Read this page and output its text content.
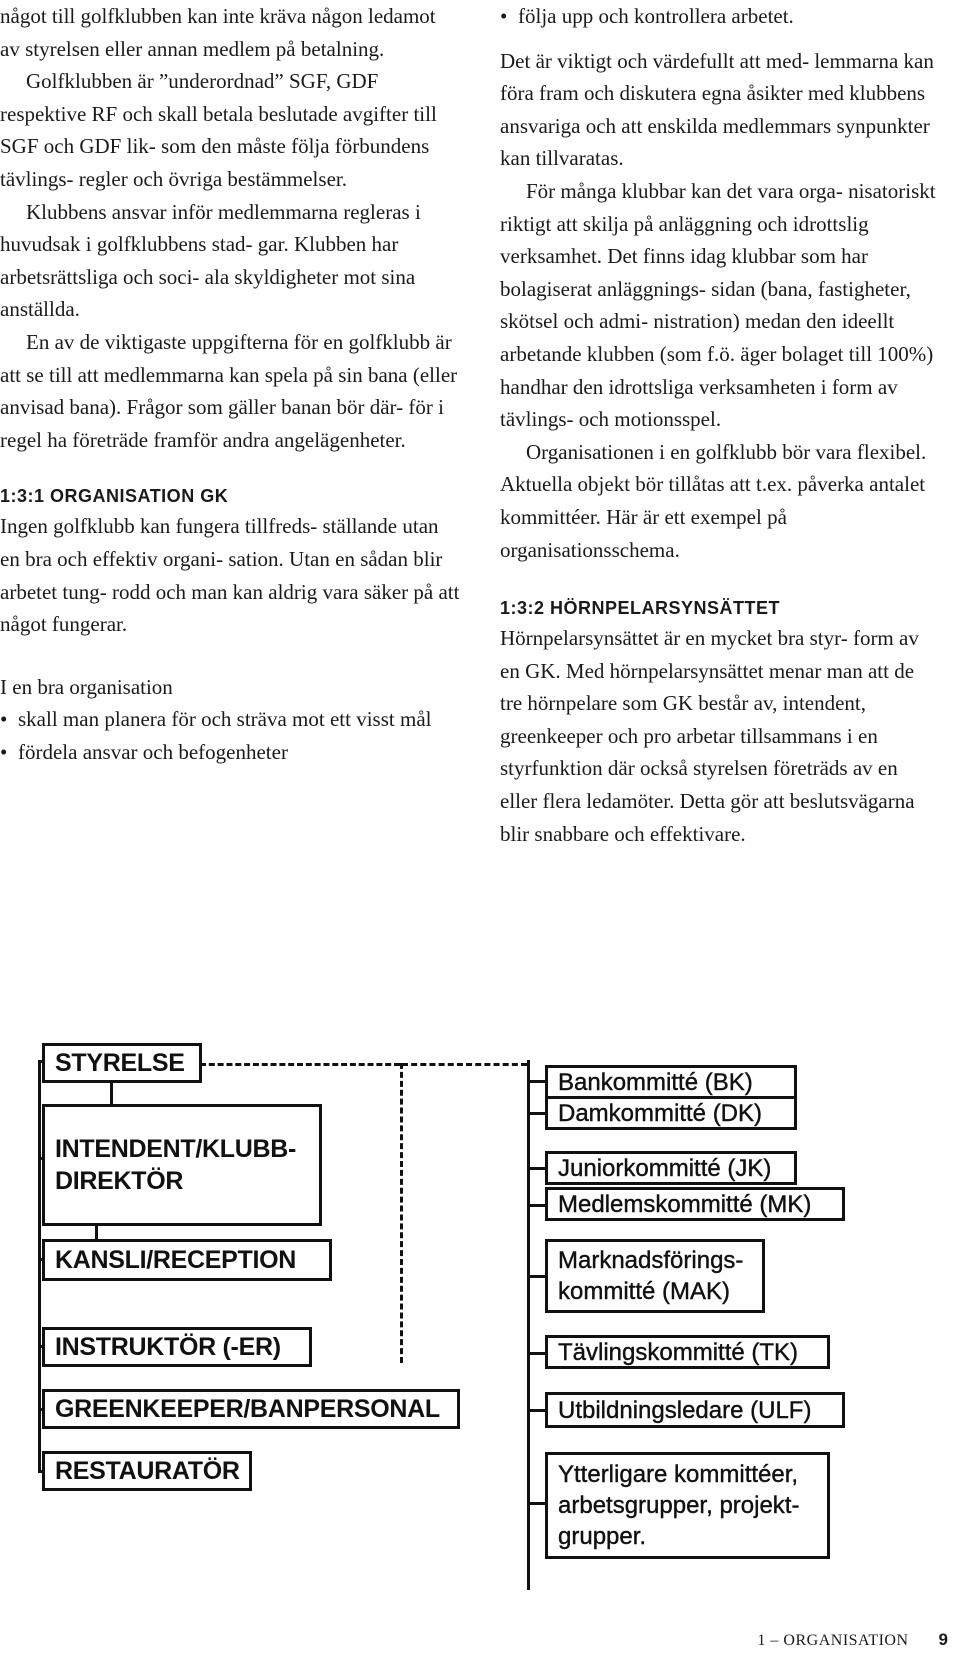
något till golfklubben kan inte kräva någon ledamot av styrelsen eller annan medlem på betalning.

Golfklubben är ”underordnad” SGF, GDF respektive RF och skall betala beslutade avgifter till SGF och GDF lik- som den måste följa förbundens tävlings- regler och övriga bestämmelser.

Klubbens ansvar inför medlemmarna regleras i huvudsak i golfklubbens stad- gar. Klubben har arbetsrättsliga och soci- ala skyldigheter mot sina anställda.

En av de viktigaste uppgifterna för en golfklubb är att se till att medlemmarna kan spela på sin bana (eller anvisad bana). Frågor som gäller banan bör där- för i regel ha företräde framför andra angelägenheter.

1:3:1 ORGANISATION GK

Ingen golfklubb kan fungera tillfreds- ställande utan en bra och effektiv organi- sation. Utan en sådan blir arbetet tung- rodd och man kan aldrig vara säker på att något fungerar.

I en bra organisation

• skall man planera för och sträva mot ett visst mål

• fördela ansvar och befogenheter

• följa upp och kontrollera arbetet.

Det är viktigt och värdefullt att med- lemmarna kan föra fram och diskutera egna åsikter med klubbens ansvariga och att enskilda medlemmars synpunkter kan tillvaratas.

För många klubbar kan det vara orga- nisatoriskt riktigt att skilja på anläggning och idrottslig verksamhet. Det finns idag klubbar som har bolagiserat anläggnings- sidan (bana, fastigheter, skötsel och admi- nistration) medan den ideellt arbetande klubben (som f.ö. äger bolaget till 100%) handhar den idrottsliga verksamheten i form av tävlings- och motionsspel.

Organisationen i en golfklubb bör vara flexibel. Aktuella objekt bör tillåtas att t.ex. påverka antalet kommittéer. Här är ett exempel på organisationsschema.

1:3:2 HÖRNPELARSYNSÄTTET

Hörnpelarsynsättet är en mycket bra styr- form av en GK. Med hörnpelarsynsättet menar man att de tre hörnpelare som GK består av, intendent, greenkeeper och pro arbetar tillsammans i en styrfunktion där också styrelsen företräds av en eller flera ledamöter. Detta gör att beslutsvägarna blir snabbare och effektivare.

STYRELSE
INTENDENT/KLUBB-
DIREKTÖR
KANSLI/RECEPTION
INSTRUKTÖR (-ER)
GREENKEEPER/BANPERSONAL
RESTAURATÖR
Bankommitté (BK)
Damkommitté (DK)
Juniorkommitté (JK)
Medlemskommitté (MK)
Marknadsförings-
kommitté (MAK)
Tävlingskommitté (TK)
Utbildningsledare (ULF)
Ytterligare kommittéer,
arbetsgrupper, projekt-
grupper.
1 – ORGANISATION 9
